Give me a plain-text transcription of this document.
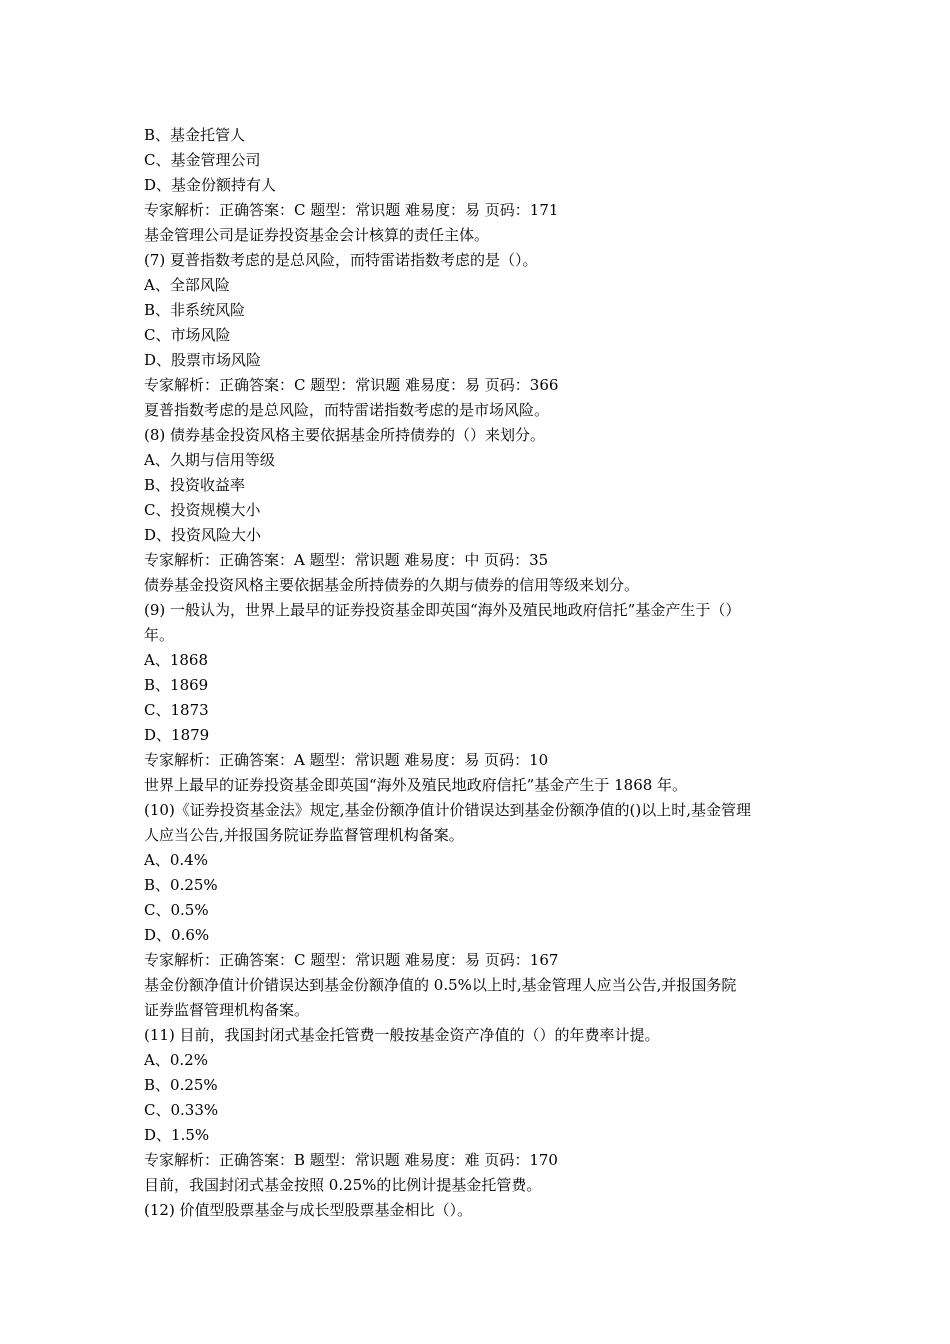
B、基金托管人
C、基金管理公司
D、基金份额持有人
专家解析：正确答案：C 题型：常识题 难易度：易 页码：171
基金管理公司是证券投资基金会计核算的责任主体。
(7) 夏普指数考虑的是总风险，而特雷诺指数考虑的是（）。
A、全部风险
B、非系统风险
C、市场风险
D、股票市场风险
专家解析：正确答案：C 题型：常识题 难易度：易 页码：366
夏普指数考虑的是总风险，而特雷诺指数考虑的是市场风险。
(8) 债券基金投资风格主要依据基金所持债券的（）来划分。
A、久期与信用等级
B、投资收益率
C、投资规模大小
D、投资风险大小
专家解析：正确答案：A 题型：常识题 难易度：中 页码：35
债券基金投资风格主要依据基金所持债券的久期与债券的信用等级来划分。
(9) 一般认为，世界上最早的证券投资基金即英国“海外及殖民地政府信托”基金产生于（）
年。
A、1868
B、1869
C、1873
D、1879
专家解析：正确答案：A 题型：常识题 难易度：易 页码：10
世界上最早的证券投资基金即英国“海外及殖民地政府信托”基金产生于 1868 年。
(10)《证券投资基金法》规定,基金份额净值计价错误达到基金份额净值的()以上时,基金管理
人应当公告,并报国务院证券监督管理机构备案。
A、0.4%
B、0.25%
C、0.5%
D、0.6%
专家解析：正确答案：C 题型：常识题 难易度：易 页码：167
基金份额净值计价错误达到基金份额净值的 0.5%以上时,基金管理人应当公告,并报国务院
证券监督管理机构备案。
(11) 目前，我国封闭式基金托管费一般按基金资产净值的（）的年费率计提。
A、0.2%
B、0.25%
C、0.33%
D、1.5%
专家解析：正确答案：B 题型：常识题 难易度：难 页码：170
目前，我国封闭式基金按照 0.25%的比例计提基金托管费。
(12) 价值型股票基金与成长型股票基金相比（）。
